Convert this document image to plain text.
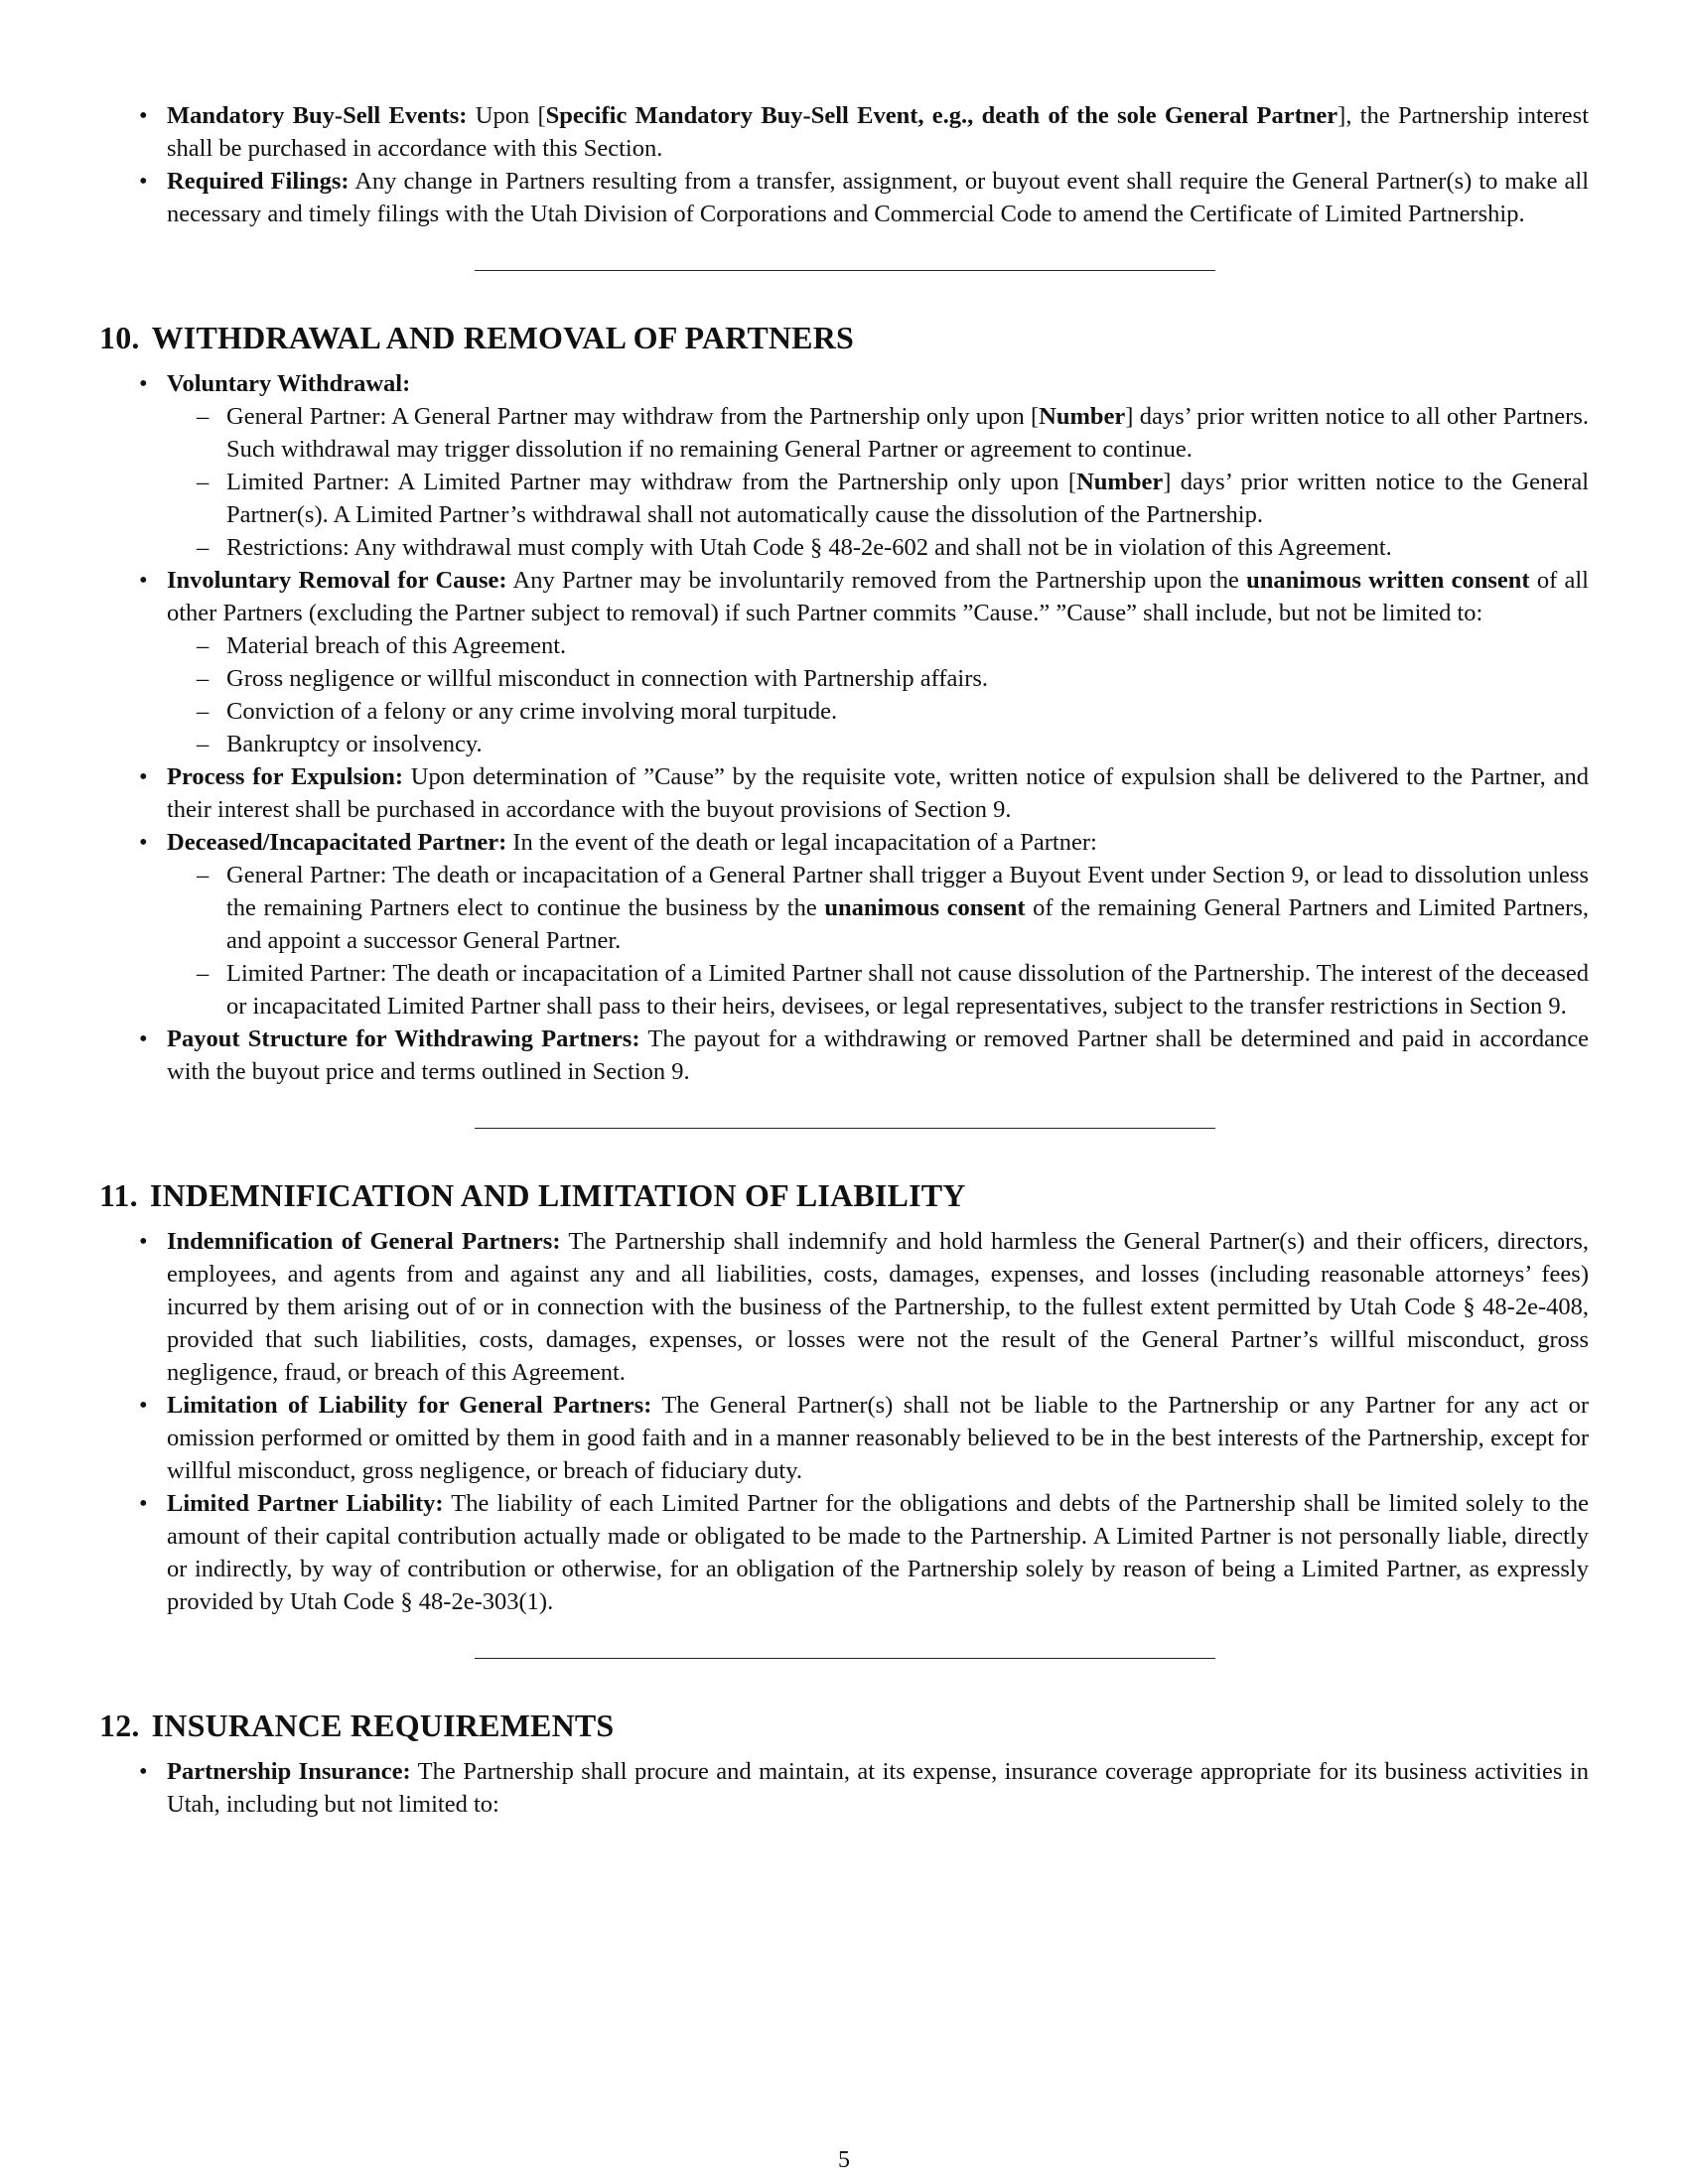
• Mandatory Buy-Sell Events: Upon [Specific Mandatory Buy-Sell Event, e.g., death of the sole General Partner], the Partnership interest shall be purchased in accordance with this Section.
• Required Filings: Any change in Partners resulting from a transfer, assignment, or buyout event shall require the General Partner(s) to make all necessary and timely filings with the Utah Division of Corporations and Commercial Code to amend the Certificate of Limited Partnership.
10. WITHDRAWAL AND REMOVAL OF PARTNERS
• Voluntary Withdrawal:
– General Partner: A General Partner may withdraw from the Partnership only upon [Number] days’ prior written notice to all other Partners. Such withdrawal may trigger dissolution if no remaining General Partner or agreement to continue.
– Limited Partner: A Limited Partner may withdraw from the Partnership only upon [Number] days’ prior written notice to the General Partner(s). A Limited Partner’s withdrawal shall not automatically cause the dissolution of the Partnership.
– Restrictions: Any withdrawal must comply with Utah Code § 48-2e-602 and shall not be in violation of this Agreement.
• Involuntary Removal for Cause: Any Partner may be involuntarily removed from the Partnership upon the unanimous written consent of all other Partners (excluding the Partner subject to removal) if such Partner commits ”Cause.” ”Cause” shall include, but not be limited to:
– Material breach of this Agreement.
– Gross negligence or willful misconduct in connection with Partnership affairs.
– Conviction of a felony or any crime involving moral turpitude.
– Bankruptcy or insolvency.
• Process for Expulsion: Upon determination of ”Cause” by the requisite vote, written notice of expulsion shall be delivered to the Partner, and their interest shall be purchased in accordance with the buyout provisions of Section 9.
• Deceased/Incapacitated Partner: In the event of the death or legal incapacitation of a Partner:
– General Partner: The death or incapacitation of a General Partner shall trigger a Buyout Event under Section 9, or lead to dissolution unless the remaining Partners elect to continue the business by the unanimous consent of the remaining General Partners and Limited Partners, and appoint a successor General Partner.
– Limited Partner: The death or incapacitation of a Limited Partner shall not cause dissolution of the Partnership. The interest of the deceased or incapacitated Limited Partner shall pass to their heirs, devisees, or legal representatives, subject to the transfer restrictions in Section 9.
• Payout Structure for Withdrawing Partners: The payout for a withdrawing or removed Partner shall be determined and paid in accordance with the buyout price and terms outlined in Section 9.
11. INDEMNIFICATION AND LIMITATION OF LIABILITY
• Indemnification of General Partners: The Partnership shall indemnify and hold harmless the General Partner(s) and their officers, directors, employees, and agents from and against any and all liabilities, costs, damages, expenses, and losses (including reasonable attorneys’ fees) incurred by them arising out of or in connection with the business of the Partnership, to the fullest extent permitted by Utah Code § 48-2e-408, provided that such liabilities, costs, damages, expenses, or losses were not the result of the General Partner’s willful misconduct, gross negligence, fraud, or breach of this Agreement.
• Limitation of Liability for General Partners: The General Partner(s) shall not be liable to the Partnership or any Partner for any act or omission performed or omitted by them in good faith and in a manner reasonably believed to be in the best interests of the Partnership, except for willful misconduct, gross negligence, or breach of fiduciary duty.
• Limited Partner Liability: The liability of each Limited Partner for the obligations and debts of the Partnership shall be limited solely to the amount of their capital contribution actually made or obligated to be made to the Partnership. A Limited Partner is not personally liable, directly or indirectly, by way of contribution or otherwise, for an obligation of the Partnership solely by reason of being a Limited Partner, as expressly provided by Utah Code § 48-2e-303(1).
12. INSURANCE REQUIREMENTS
• Partnership Insurance: The Partnership shall procure and maintain, at its expense, insurance coverage appropriate for its business activities in Utah, including but not limited to:
5
